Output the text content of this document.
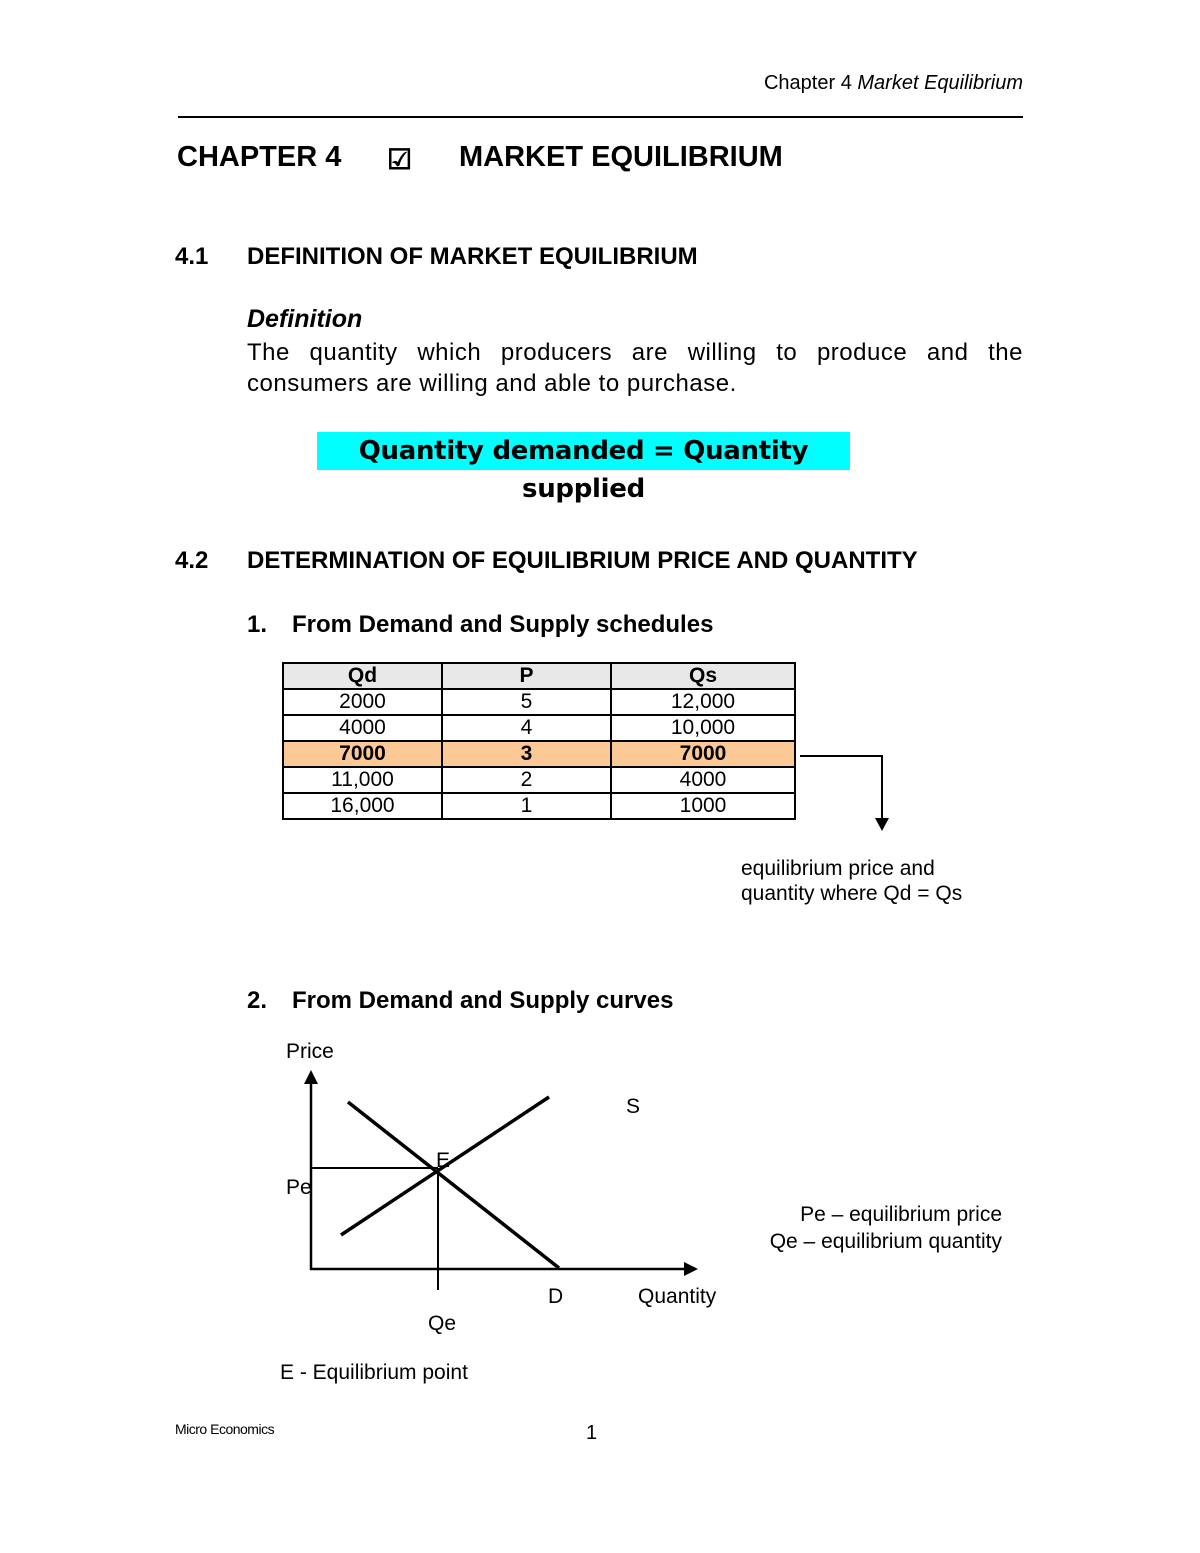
Chapter 4 Market Equilibrium
CHAPTER 4 ☑ MARKET EQUILIBRIUM
4.1 DEFINITION OF MARKET EQUILIBRIUM
Definition
The quantity which producers are willing to produce and the consumers are willing and able to purchase.
Quantity demanded = Quantity supplied
4.2 DETERMINATION OF EQUILIBRIUM PRICE AND QUANTITY
1. From Demand and Supply schedules
Qd	P	Qs
2000	5	12,000
4000	4	10,000
7000	3	7000
11,000	2	4000
16,000	1	1000
equilibrium price and
quantity where Qd = Qs
2. From Demand and Supply curves
Price
S
E
Pe
D	Quantity
Qe
Pe – equilibrium price
Qe – equilibrium quantity
E - Equilibrium point
Micro Economics	1
